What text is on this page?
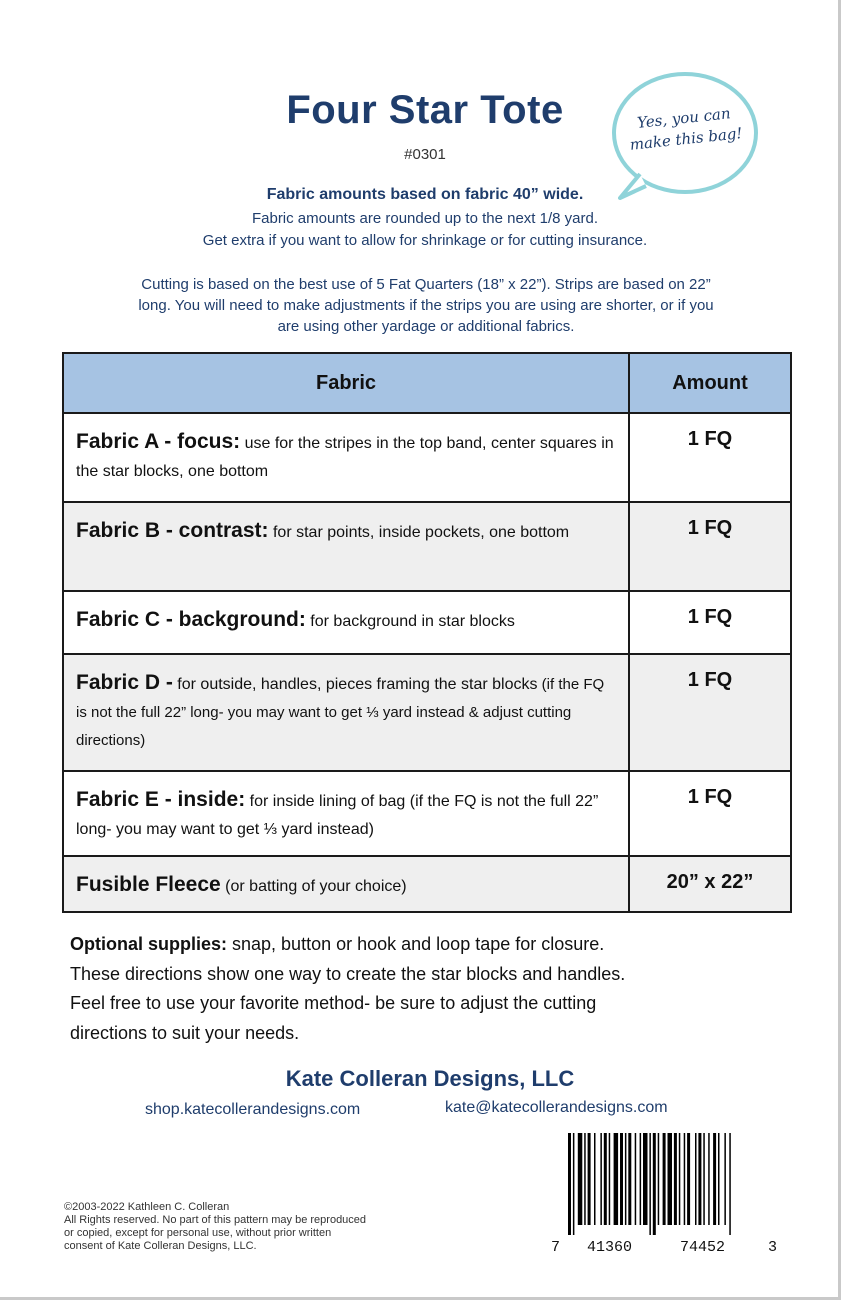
Four Star Tote
#0301
Yes, you can
make this bag!
Fabric amounts based on fabric 40” wide.
Fabric amounts are rounded up to the next 1/8 yard.
Get extra if you want to allow for shrinkage or for cutting insurance.
Cutting is based on the best use of 5 Fat Quarters (18” x 22”). Strips are based on 22”
long. You will need to make adjustments if the strips you are using are shorter, or if you
are using other yardage or additional fabrics.
Fabric	Amount
Fabric A - focus: use for the stripes in the top band, center squares in the star blocks, one bottom	1 FQ
Fabric B - contrast: for star points, inside pockets, one bottom	1 FQ
Fabric C - background: for background in star blocks	1 FQ
Fabric D - for outside, handles, pieces framing the star blocks (if the FQ is not the full 22” long- you may want to get ⅓ yard instead & adjust cutting directions)	1 FQ
Fabric E - inside: for inside lining of bag (if the FQ is not the full 22” long- you may want to get ⅓ yard instead)	1 FQ
Fusible Fleece (or batting of your choice)	20” x 22”
Optional supplies: snap, button or hook and loop tape for closure.
These directions show one way to create the star blocks and handles.
Feel free to use your favorite method- be sure to adjust the cutting
directions to suit your needs.
Kate Colleran Designs, LLC
shop.katecollerandesigns.com	kate@katecollerandesigns.com
©2003-2022 Kathleen C. Colleran
All Rights reserved. No part of this pattern may be reproduced
or copied, except for personal use, without prior written
consent of Kate Colleran Designs, LLC.	7 41360	74452	3
